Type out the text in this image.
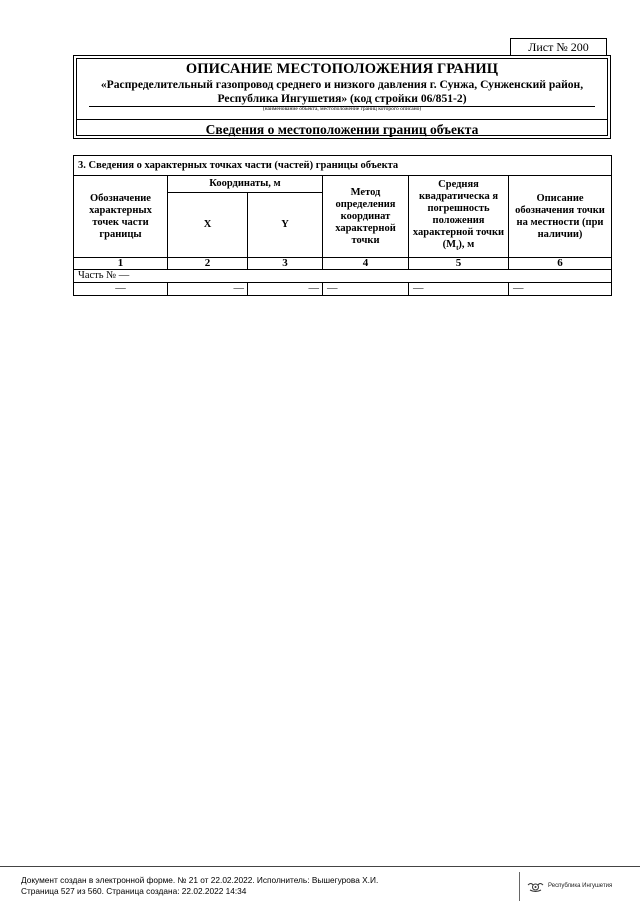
Лист № 200
ОПИСАНИЕ МЕСТОПОЛОЖЕНИЯ ГРАНИЦ
«Распределительный газопровод среднего и низкого давления г. Сунжа, Сунженский район,
Республика Ингушетия» (код стройки 06/851-2)
(наименование объекта, местоположение границ которого описано)
Сведения о местоположении границ объекта
3. Сведения о характерных точках части (частей) границы объекта					
Обозначение характерных точек части границы	Координаты, м		Метод определения координат характерной точки	Средняя квадратическа я погрешность положения характерной точки $(M_t)$, м	Описание обозначения точки на местности (при наличии)
	X	Y			
1	2	3	4	5	6
Часть № —					
—	—	—	—	—	—
Документ создан в электронной форме. № 21 от 22.02.2022. Исполнитель: Вышегурова Х.И.
Страница 527 из 560. Страница создана: 22.02.2022 14:34	Республика Ингушетия
